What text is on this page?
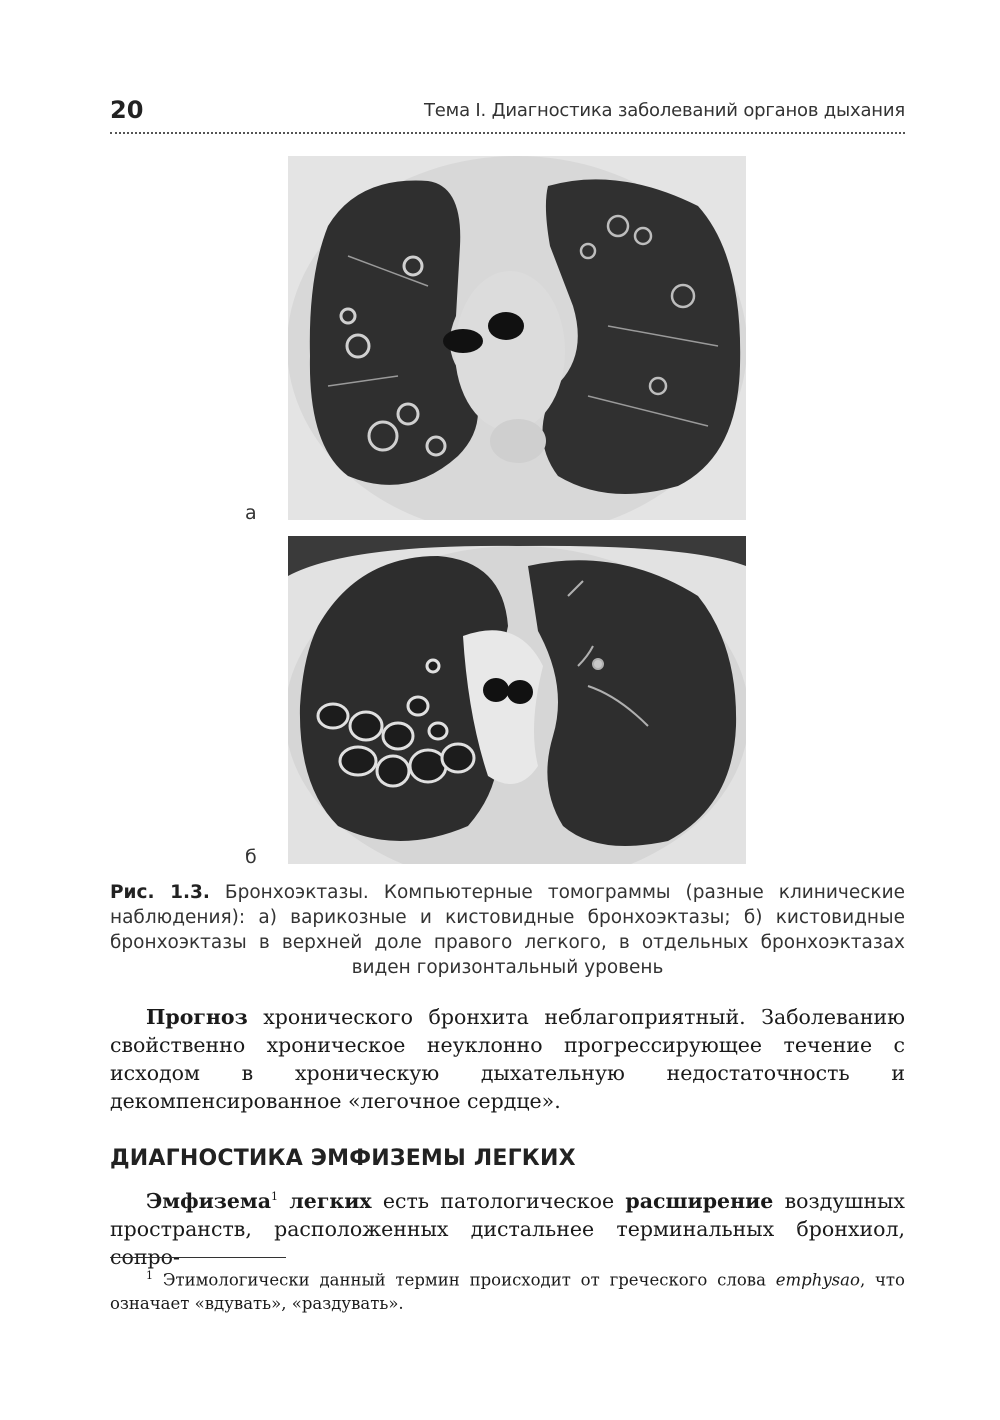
20	Тема I. Диагностика заболеваний органов дыхания
а
б
Рис. 1.3. Бронхоэктазы. Компьютерные томограммы (разные клинические наблюдения): а) варикозные и кистовидные бронхоэктазы; б) кистовидные бронхоэктазы в верхней доле правого легкого, в отдельных бронхоэктазах виден горизонтальный уровень
Прогноз хронического бронхита неблагоприятный. Заболеванию свойственно хроническое неуклонно прогрессирующее течение с исходом в хроническую дыхательную недостаточность и декомпенсированное «легочное сердце».
ДИАГНОСТИКА ЭМФИЗЕМЫ ЛЕГКИХ
Эмфизема$^1$ легких есть патологическое расширение воздушных пространств, расположенных дистальнее терминальных бронхиол, сопро-
$^1$ Этимологически данный термин происходит от греческого слова emphysao, что означает «вдувать», «раздувать».
